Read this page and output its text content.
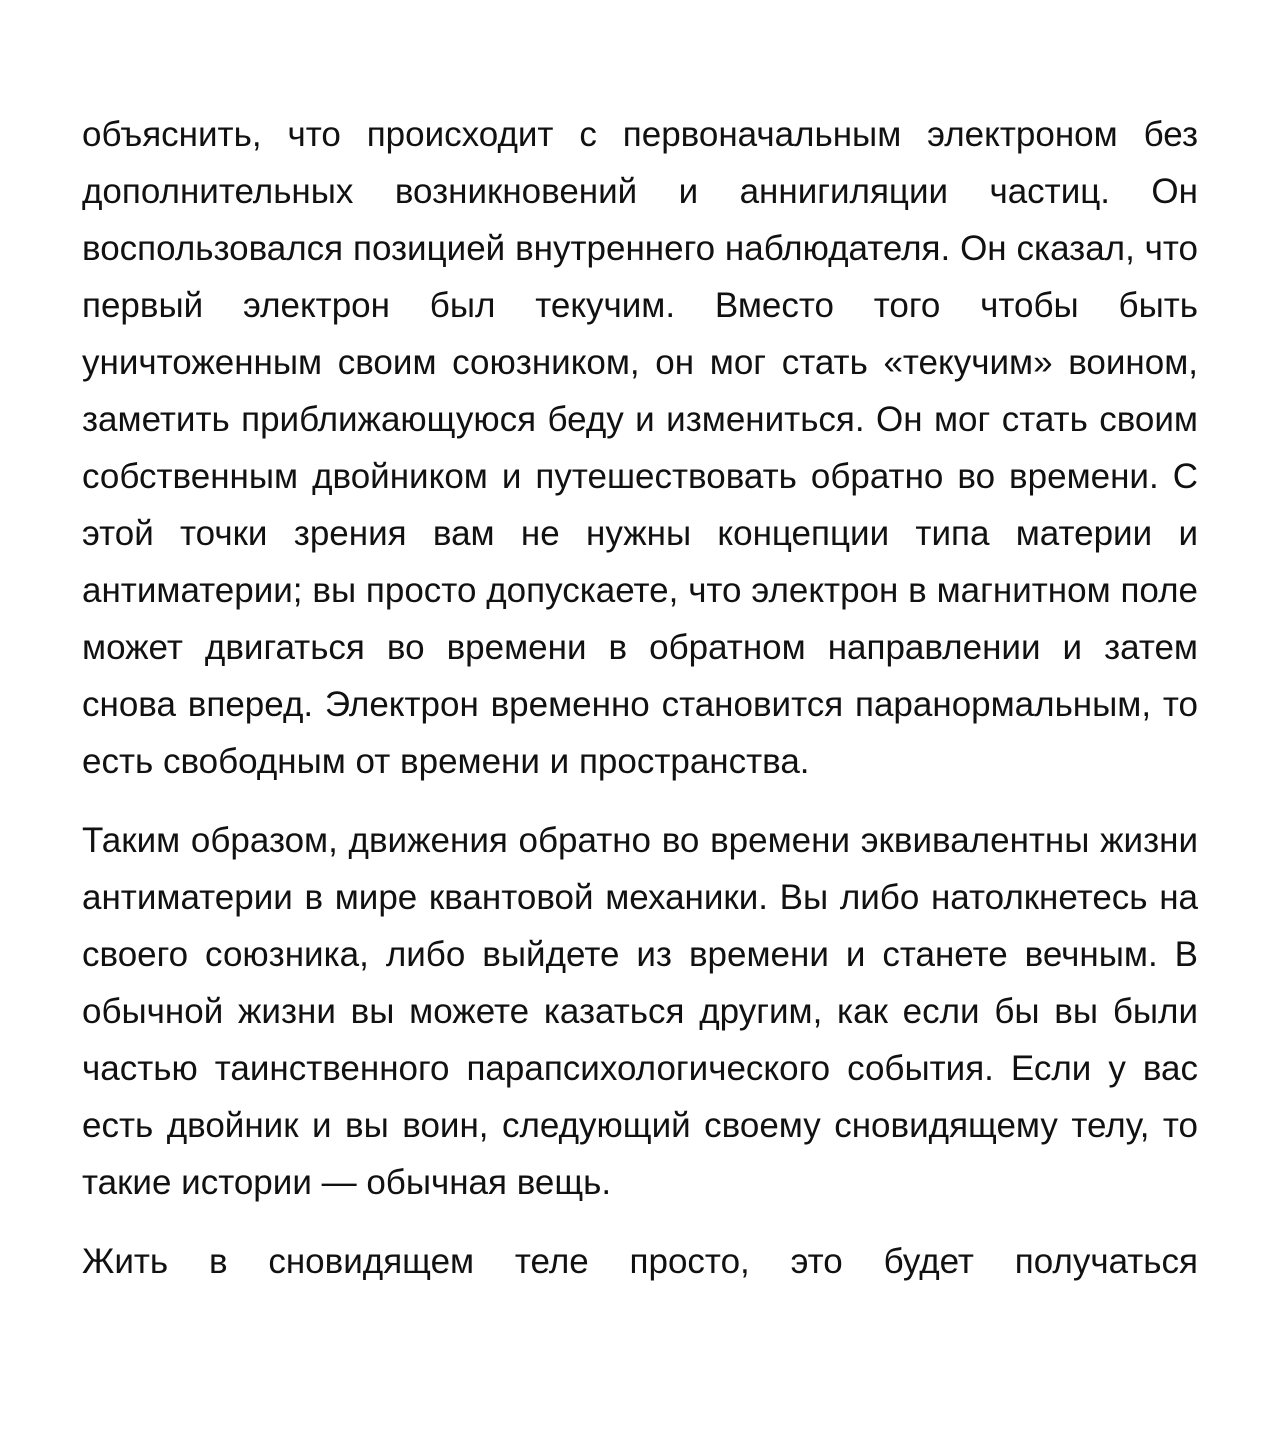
объяснить, что происходит с первоначальным электроном без дополнительных возникновений и аннигиляции частиц. Он воспользовался позицией внутреннего наблюдателя. Он сказал, что первый электрон был текучим. Вместо того чтобы быть уничтоженным своим союзником, он мог стать «текучим» воином, заметить приближающуюся беду и измениться. Он мог стать своим собственным двойником и путешествовать обратно во времени. С этой точки зрения вам не нужны концепции типа материи и антиматерии; вы просто допускаете, что электрон в магнитном поле может двигаться во времени в обратном направлении и затем снова вперед. Электрон временно становится паранормальным, то есть свободным от времени и пространства.

Таким образом, движения обратно во времени эквивалентны жизни антиматерии в мире квантовой механики. Вы либо натолкнетесь на своего союзника, либо выйдете из времени и станете вечным. В обычной жизни вы можете казаться другим, как если бы вы были частью таинственного парапсихологического события. Если у вас есть двойник и вы воин, следующий своему сновидящему телу, то такие истории — обычная вещь.

Жить в сновидящем теле просто, это будет получаться
